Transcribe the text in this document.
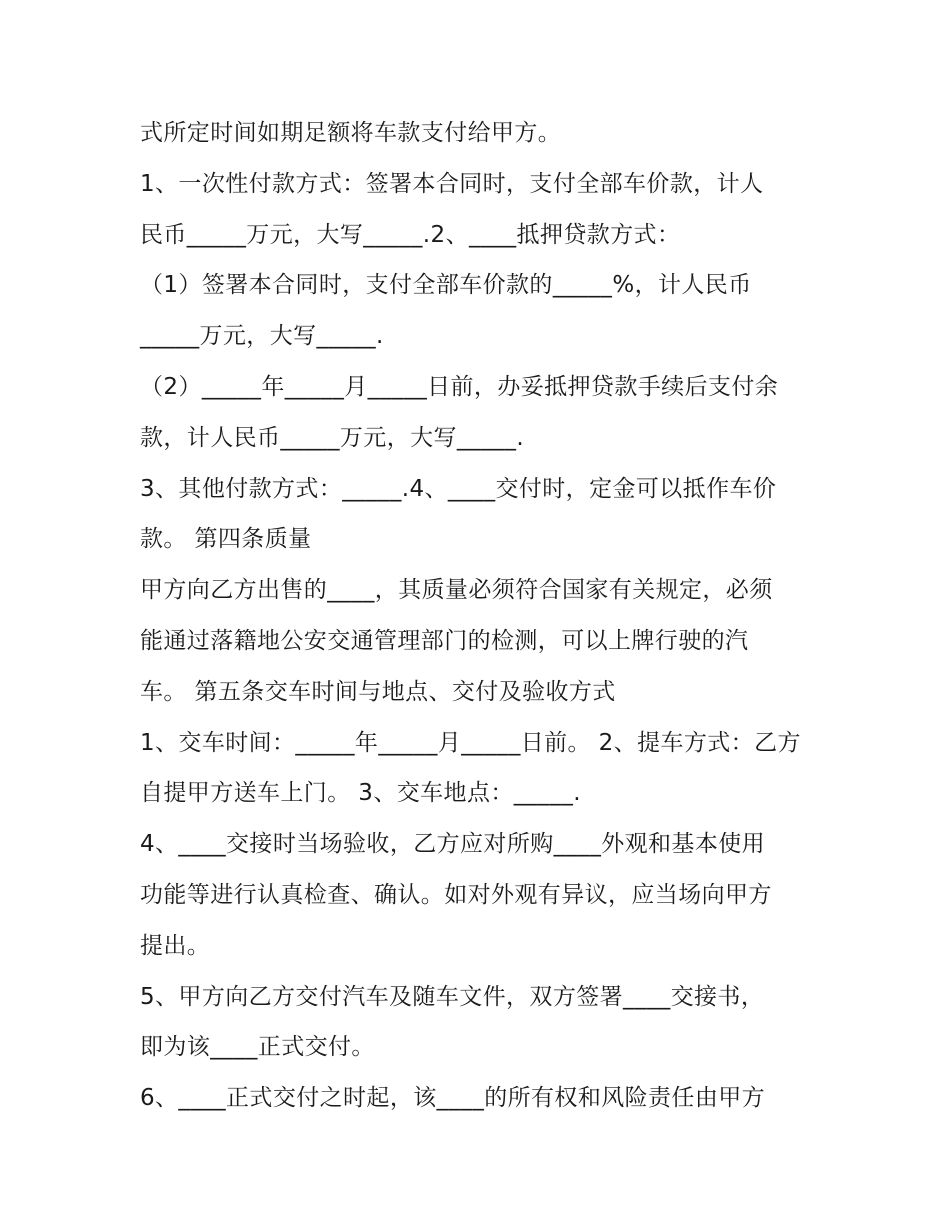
式所定时间如期足额将车款支付给甲方。
1、一次性付款方式：签署本合同时，支付全部车价款，计人
民币_____万元，大写_____.2、____抵押贷款方式：
（1）签署本合同时，支付全部车价款的_____%，计人民币
_____万元，大写_____.
（2）_____年_____月_____日前，办妥抵押贷款手续后支付余
款，计人民币_____万元，大写_____.
3、其他付款方式：_____.4、____交付时，定金可以抵作车价
款。 第四条质量
甲方向乙方出售的____，其质量必须符合国家有关规定，必须
能通过落籍地公安交通管理部门的检测，可以上牌行驶的汽
车。 第五条交车时间与地点、交付及验收方式
1、交车时间：_____年_____月_____日前。 2、提车方式：乙方
自提甲方送车上门。 3、交车地点：_____.
4、____交接时当场验收，乙方应对所购____外观和基本使用
功能等进行认真检查、确认。如对外观有异议，应当场向甲方
提出。
5、甲方向乙方交付汽车及随车文件，双方签署____交接书，
即为该____正式交付。
6、____正式交付之时起，该____的所有权和风险责任由甲方
